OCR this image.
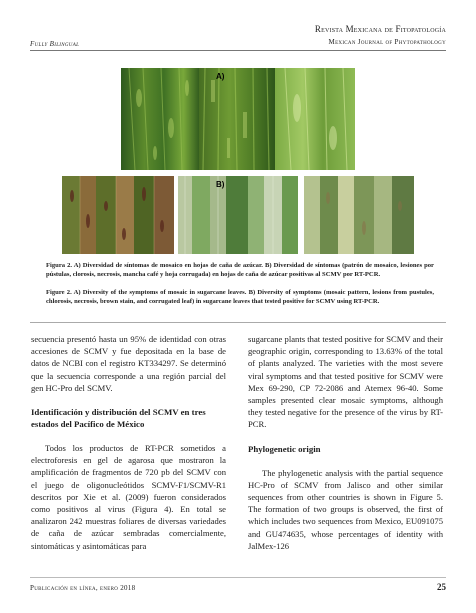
Fully Bilingual
Revista Mexicana de Fitopatología
Mexican Journal of Phytopathology
A)
B)
Figura 2. A) Diversidad de síntomas de mosaico en hojas de caña de azúcar. B) Diversidad de síntomas (patrón de mosaico, lesiones por pústulas, clorosis, necrosis, mancha café y hoja corrugada) en hojas de caña de azúcar positivas al SCMV por RT-PCR.
Figure 2. A) Diversity of the symptoms of mosaic in sugarcane leaves. B) Diversity of symptoms (mosaic pattern, lesions from pustules, chlorosis, necrosis, brown stain, and corrugated leaf) in sugarcane leaves that tested positive for SCMV using RT-PCR.

secuencia presentó hasta un 95% de identidad con otras accesiones de SCMV y fue depositada en la base de datos de NCBI con el registro KT334297. Se determinó que la secuencia corresponde a una región parcial del gen HC-Pro del SCMV.

Identificación y distribución del SCMV en tres estados del Pacífico de México

Todos los productos de RT-PCR sometidos a electroforesis en gel de agarosa que mostraron la amplificación de fragmentos de 720 pb del SCMV con el juego de oligonucleótidos SCMV-F1/SCMV-R1 descritos por Xie et al. (2009) fueron considerados como positivos al virus (Figura 4). En total se analizaron 242 muestras foliares de diversas variedades de caña de azúcar sembradas comercialmente, sintomáticas y asintomáticas para

sugarcane plants that tested positive for SCMV and their geographic origin, corresponding to 13.63% of the total of plants analyzed. The varieties with the most severe viral symptoms and that tested positive for SCMV were Mex 69-290, CP 72-2086 and Atemex 96-40. Some samples presented clear mosaic symptoms, although they tested negative for the presence of the virus by RT-PCR.

Phylogenetic origin

The phylogenetic analysis with the partial sequence HC-Pro of SCMV from Jalisco and other similar sequences from other countries is shown in Figure 5. The formation of two groups is observed, the first of which includes two sequences from Mexico, EU091075 and GU474635, whose percentages of identity with JalMex-126

Publicación en línea, enero 2018	25
